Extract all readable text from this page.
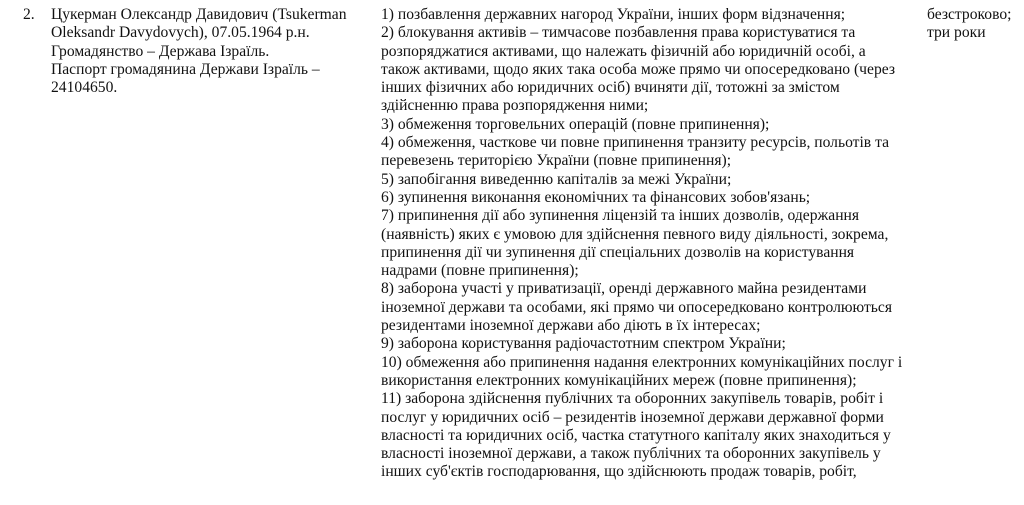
2. Цукерман Олександр Давидович (Tsukerman
Oleksandr Davydovych), 07.05.1964 р.н.
Громадянство – Держава Ізраїль.
Паспорт громадянина Держави Ізраїль –
24104650.
1) позбавлення державних нагород України, інших форм відзначення;
2) блокування активів – тимчасове позбавлення права користуватися та
розпоряджатися активами, що належать фізичній або юридичній особі, а
також активами, щодо яких така особа може прямо чи опосередковано (через
інших фізичних або юридичних осіб) вчиняти дії, тотожні за змістом
здійсненню права розпорядження ними;
3) обмеження торговельних операцій (повне припинення);
4) обмеження, часткове чи повне припинення транзиту ресурсів, польотів та
перевезень територією України (повне припинення);
5) запобігання виведенню капіталів за межі України;
6) зупинення виконання економічних та фінансових зобов'язань;
7) припинення дії або зупинення ліцензій та інших дозволів, одержання
(наявність) яких є умовою для здійснення певного виду діяльності, зокрема,
припинення дії чи зупинення дії спеціальних дозволів на користування
надрами (повне припинення);
8) заборона участі у приватизації, оренді державного майна резидентами
іноземної держави та особами, які прямо чи опосередковано контролюються
резидентами іноземної держави або діють в їх інтересах;
9) заборона користування радіочастотним спектром України;
10) обмеження або припинення надання електронних комунікаційних послуг і
використання електронних комунікаційних мереж (повне припинення);
11) заборона здійснення публічних та оборонних закупівель товарів, робіт і
послуг у юридичних осіб – резидентів іноземної держави державної форми
власності та юридичних осіб, частка статутного капіталу яких знаходиться у
власності іноземної держави, а також публічних та оборонних закупівель у
інших суб'єктів господарювання, що здійснюють продаж товарів, робіт,
безстроково;
три роки
